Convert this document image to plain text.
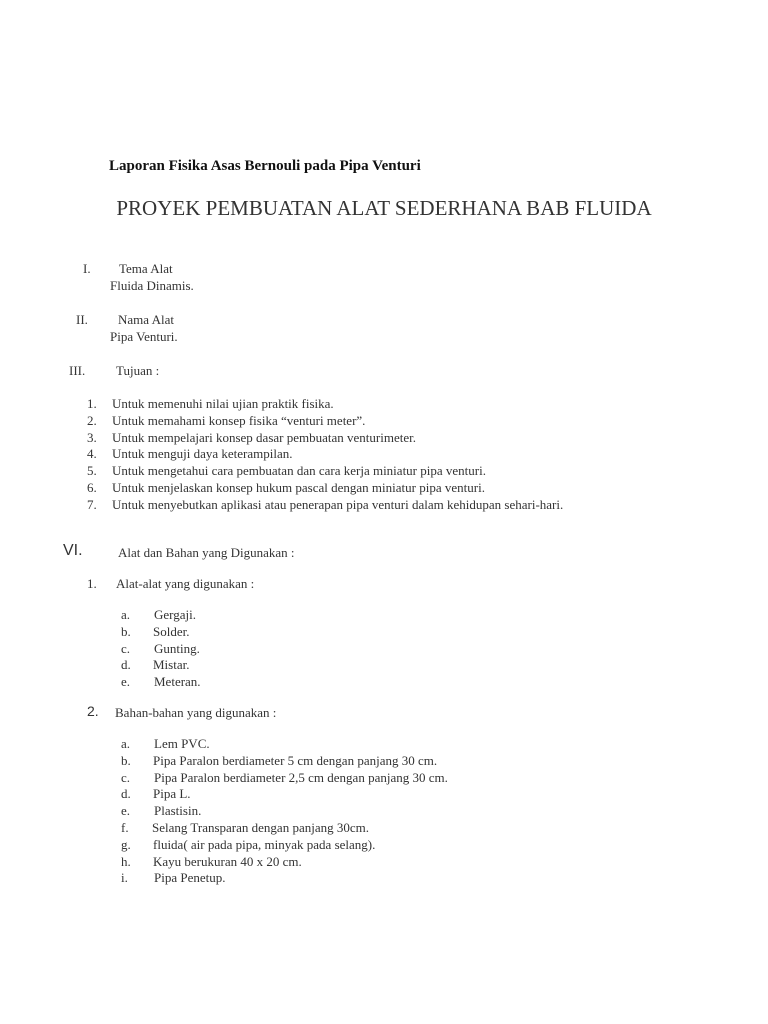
Laporan Fisika Asas Bernouli pada Pipa Venturi
PROYEK PEMBUATAN ALAT SEDERHANA BAB FLUIDA
I. Tema Alat
Fluida Dinamis.
II. Nama Alat
Pipa Venturi.
III. Tujuan :
1. Untuk memenuhi nilai ujian praktik fisika.
2. Untuk memahami konsep fisika “venturi meter”.
3. Untuk mempelajari konsep dasar pembuatan venturimeter.
4. Untuk menguji daya keterampilan.
5. Untuk mengetahui cara pembuatan dan cara kerja miniatur pipa venturi.
6. Untuk menjelaskan konsep hukum pascal dengan miniatur pipa venturi.
7. Untuk menyebutkan aplikasi atau penerapan pipa venturi dalam kehidupan sehari-hari.
VI.	Alat dan Bahan yang Digunakan :
1. Alat-alat yang digunakan :
a. Gergaji.
b. Solder.
c. Gunting.
d. Mistar.
e. Meteran.
2. Bahan-bahan yang digunakan :
a. Lem PVC.
b. Pipa Paralon berdiameter 5 cm dengan panjang 30 cm.
c. Pipa Paralon berdiameter 2,5 cm dengan panjang 30 cm.
d. Pipa L.
e. Plastisin.
f. Selang Transparan dengan panjang 30cm.
g. fluida( air pada pipa, minyak pada selang).
h. Kayu berukuran 40 x 20 cm.
i. Pipa Penetup.
